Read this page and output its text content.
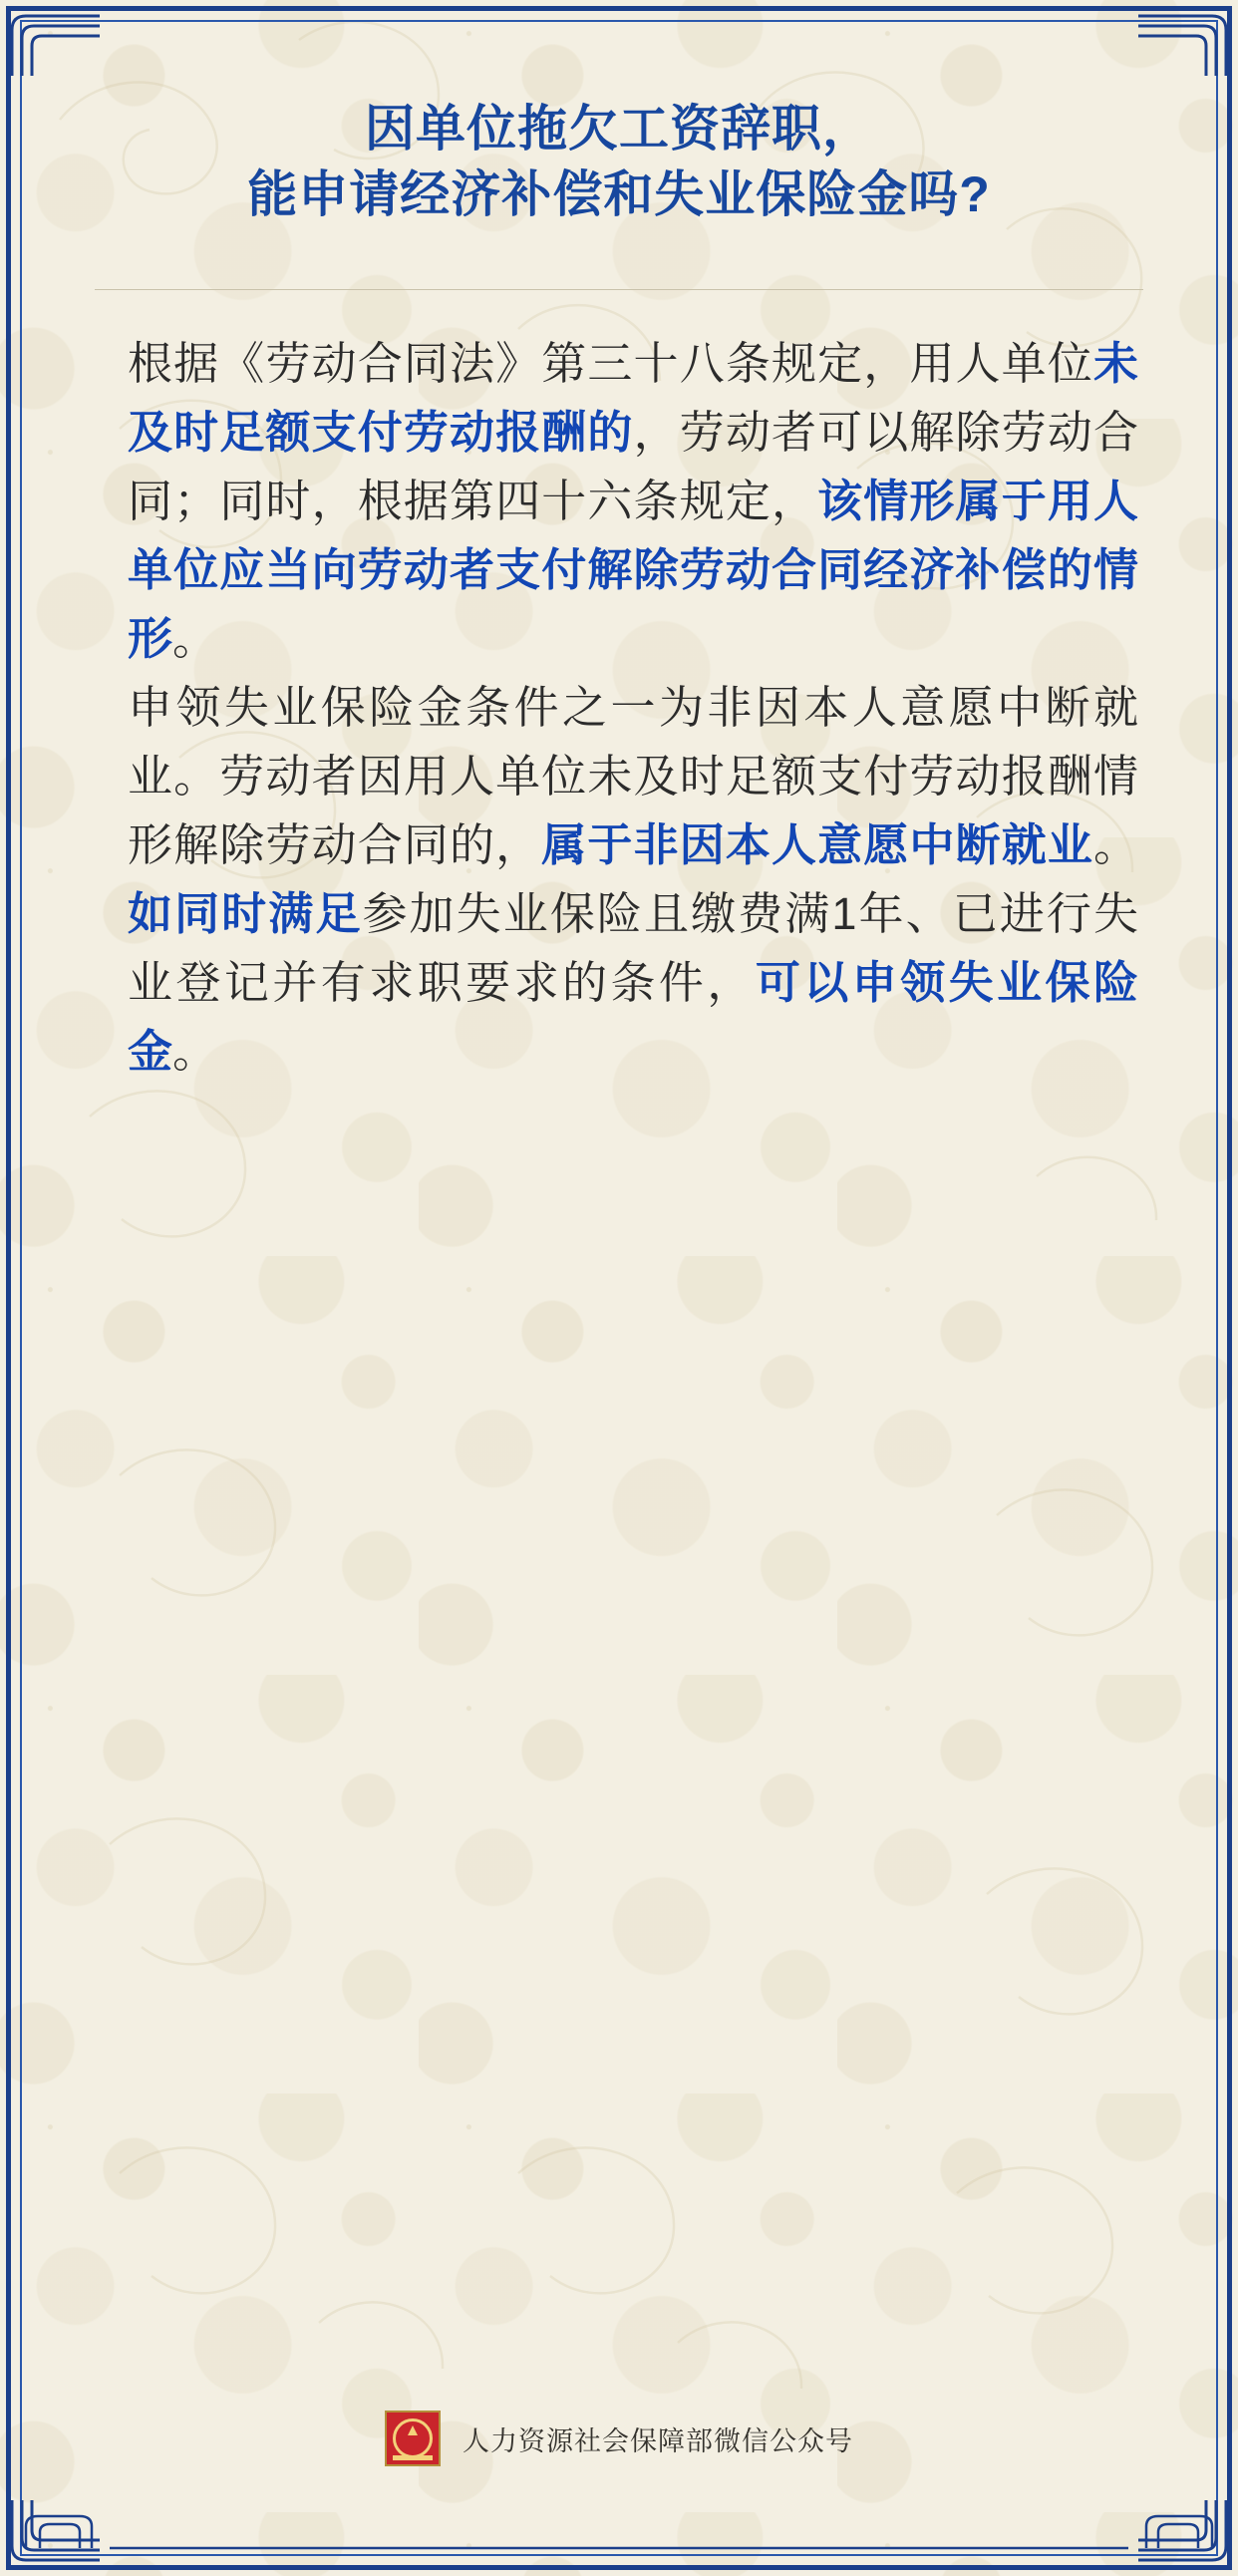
因单位拖欠工资辞职，
能申请经济补偿和失业保险金吗?

根据《劳动合同法》第三十八条规定，用人单位未及时足额支付劳动报酬的，劳动者可以解除劳动合同；同时，根据第四十六条规定，该情形属于用人单位应当向劳动者支付解除劳动合同经济补偿的情形。

申领失业保险金条件之一为非因本人意愿中断就业。劳动者因用人单位未及时足额支付劳动报酬情形解除劳动合同的，属于非因本人意愿中断就业。如同时满足参加失业保险且缴费满1年、已进行失业登记并有求职要求的条件，可以申领失业保险金。

人力资源社会保障部微信公众号
